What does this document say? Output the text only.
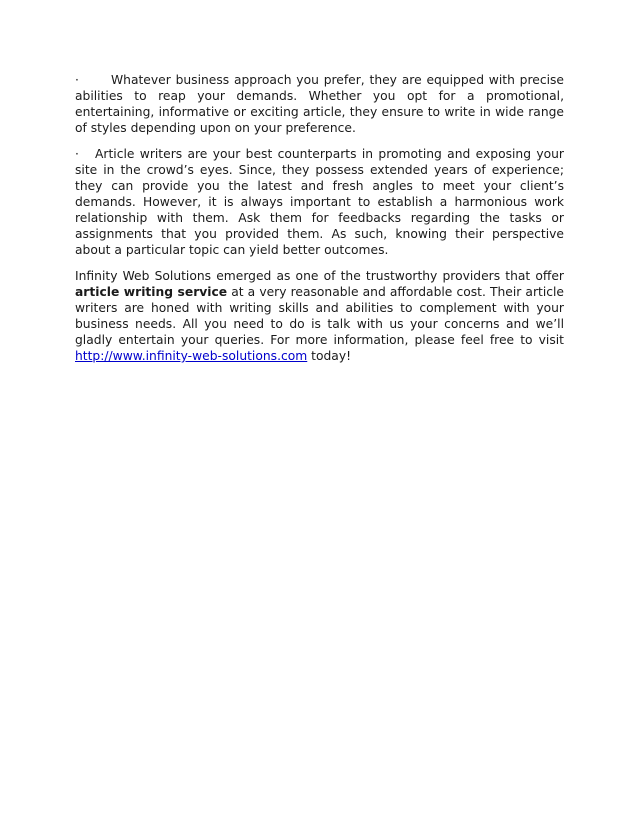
·	Whatever business approach you prefer, they are equipped with precise abilities to reap your demands. Whether you opt for a promotional, entertaining, informative or exciting article, they ensure to write in wide range of styles depending upon on your preference.

· Article writers are your best counterparts in promoting and exposing your site in the crowd’s eyes. Since, they possess extended years of experience; they can provide you the latest and fresh angles to meet your client’s demands. However, it is always important to establish a harmonious work relationship with them. Ask them for feedbacks regarding the tasks or assignments that you provided them. As such, knowing their perspective about a particular topic can yield better outcomes.

Infinity Web Solutions emerged as one of the trustworthy providers that offer article writing service at a very reasonable and affordable cost. Their article writers are honed with writing skills and abilities to complement with your business needs. All you need to do is talk with us your concerns and we’ll gladly entertain your queries. For more information, please feel free to visit http://www.infinity-web-solutions.com today!
